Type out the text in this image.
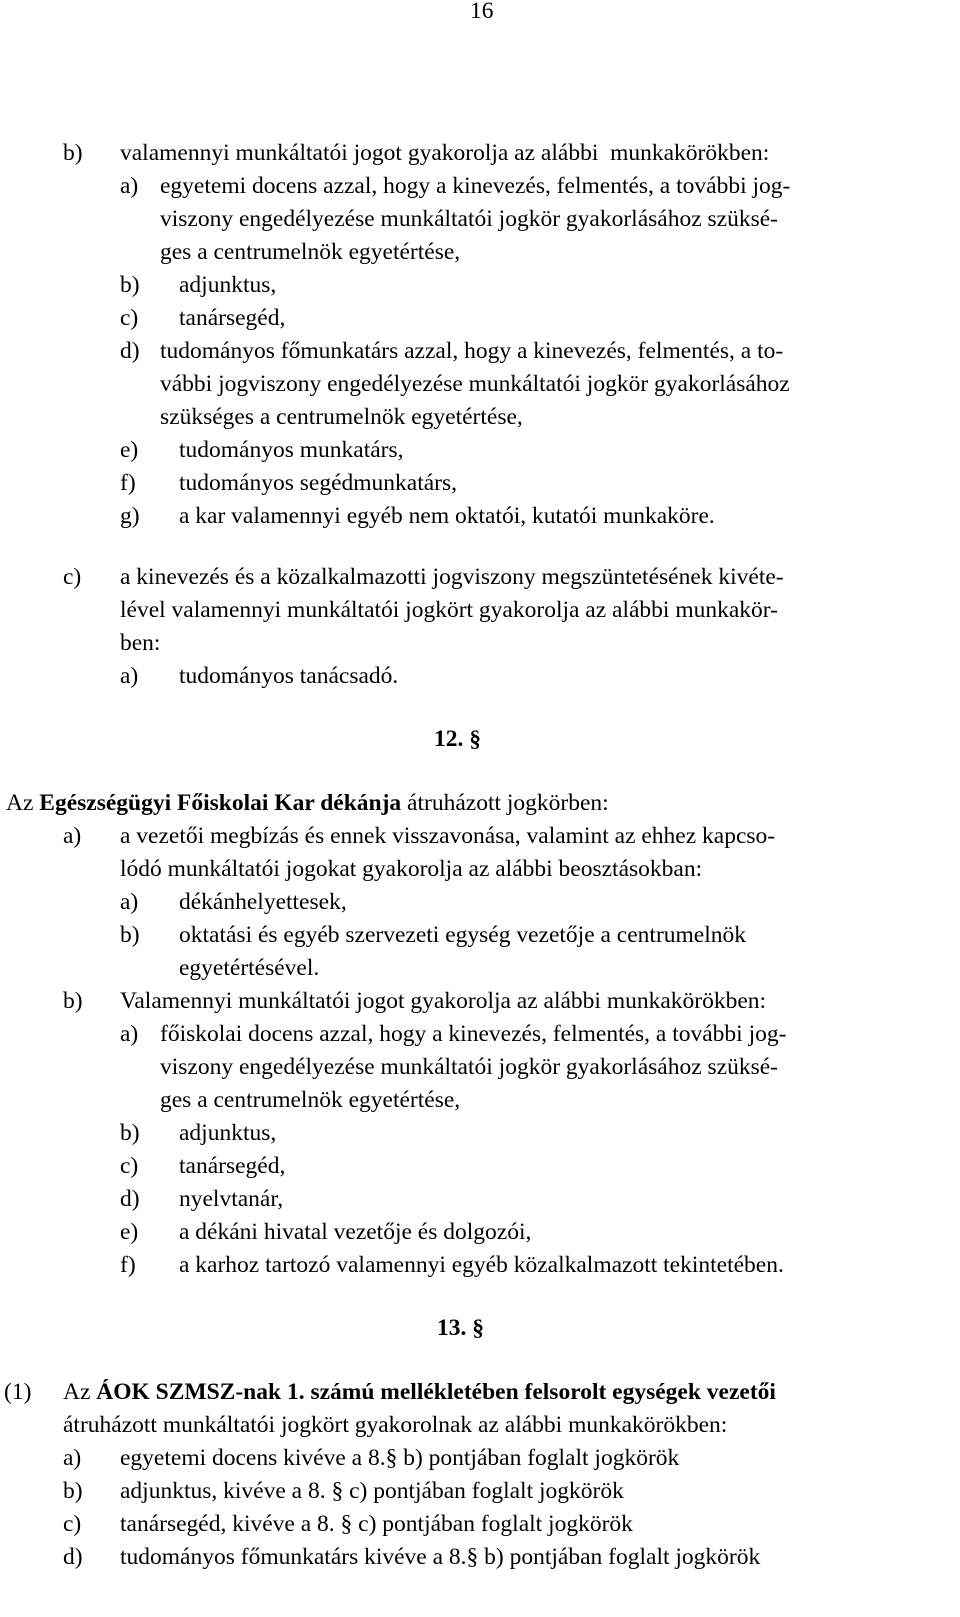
16
b) valamennyi munkáltatói jogot gyakorolja az alábbi  munkakörökben:
a) egyetemi docens azzal, hogy a kinevezés, felmentés, a további jog-
viszony engedélyezése munkáltatói jogkör gyakorlásához szüksé-
ges a centrumelnök egyetértése,
b) adjunktus,
c) tanársegéd,
d) tudományos főmunkatárs azzal, hogy a kinevezés, felmentés, a to-
vábbi jogviszony engedélyezése munkáltatói jogkör gyakorlásához
szükséges a centrumelnök egyetértése,
e) tudományos munkatárs,
f) tudományos segédmunkatárs,
g) a kar valamennyi egyéb nem oktatói, kutatói munkaköre.
c) a kinevezés és a közalkalmazotti jogviszony megszüntetésének kivéte-
lével valamennyi munkáltatói jogkört gyakorolja az alábbi munkakör-
ben:
a) tudományos tanácsadó.
12. §
Az Egészségügyi Főiskolai Kar dékánja átruházott jogkörben:
a) a vezetői megbízás és ennek visszavonása, valamint az ehhez kapcso-
lódó munkáltatói jogokat gyakorolja az alábbi beosztásokban:
a) dékánhelyettesek,
b) oktatási és egyéb szervezeti egység vezetője a centrumelnök
egyetértésével.
b) Valamennyi munkáltatói jogot gyakorolja az alábbi munkakörökben:
a) főiskolai docens azzal, hogy a kinevezés, felmentés, a további jog-
viszony engedélyezése munkáltatói jogkör gyakorlásához szüksé-
ges a centrumelnök egyetértése,
b) adjunktus,
c) tanársegéd,
d) nyelvtanár,
e) a dékáni hivatal vezetője és dolgozói,
f) a karhoz tartozó valamennyi egyéb közalkalmazott tekintetében.
13. §
(1) Az ÁOK SZMSZ-nak 1. számú mellékletében felsorolt egységek vezetői
átruházott munkáltatói jogkört gyakorolnak az alábbi munkakörökben:
a) egyetemi docens kivéve a 8.§ b) pontjában foglalt jogkörök
b) adjunktus, kivéve a 8. § c) pontjában foglalt jogkörök
c) tanársegéd, kivéve a 8. § c) pontjában foglalt jogkörök
d) tudományos főmunkatárs kivéve a 8.§ b) pontjában foglalt jogkörök
